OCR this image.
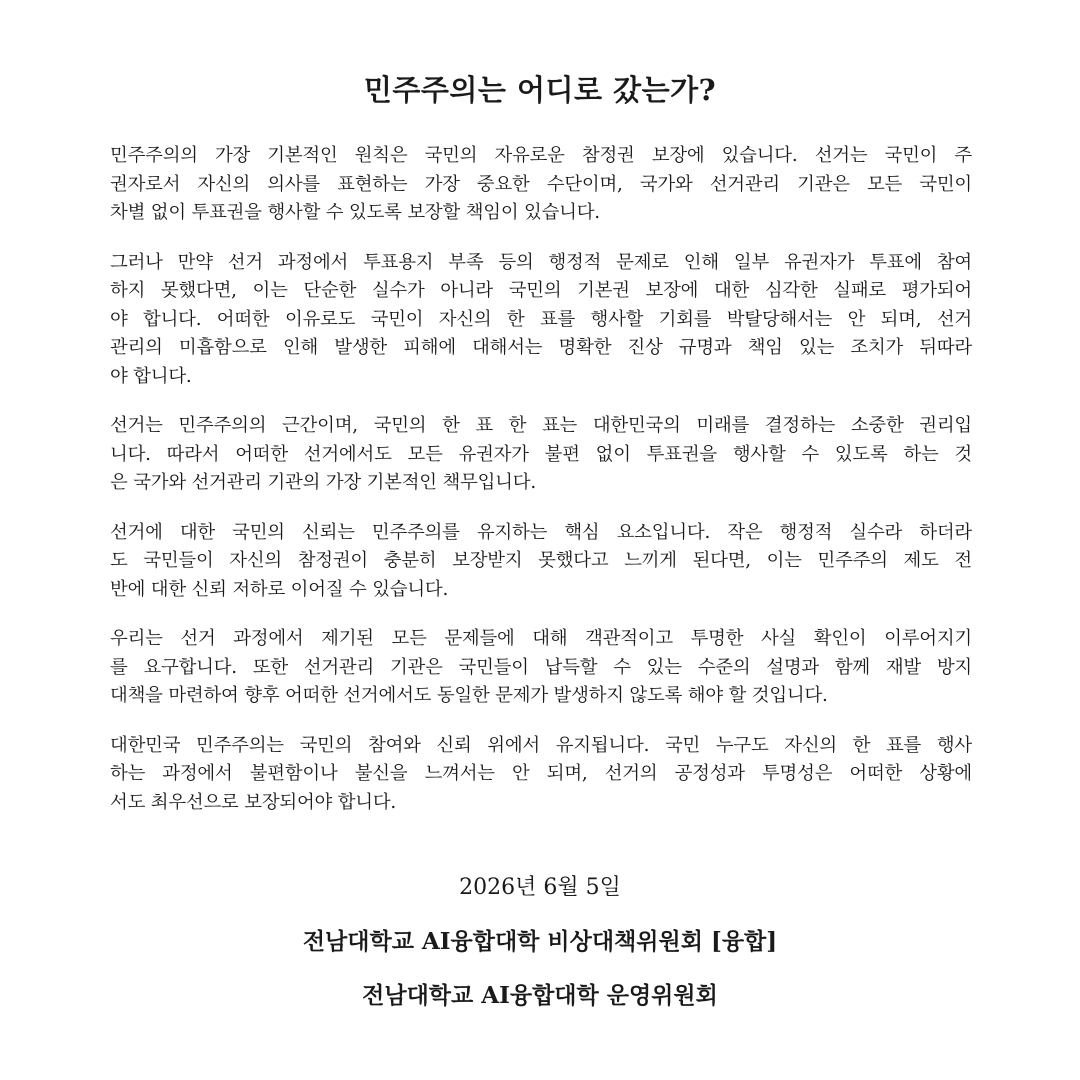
민주주의는 어디로 갔는가?

민주주의의 가장 기본적인 원칙은 국민의 자유로운 참정권 보장에 있습니다. 선거는 국민이 주
권자로서 자신의 의사를 표현하는 가장 중요한 수단이며, 국가와 선거관리 기관은 모든 국민이
차별 없이 투표권을 행사할 수 있도록 보장할 책임이 있습니다.

그러나 만약 선거 과정에서 투표용지 부족 등의 행정적 문제로 인해 일부 유권자가 투표에 참여
하지 못했다면, 이는 단순한 실수가 아니라 국민의 기본권 보장에 대한 심각한 실패로 평가되어
야 합니다. 어떠한 이유로도 국민이 자신의 한 표를 행사할 기회를 박탈당해서는 안 되며, 선거
관리의 미흡함으로 인해 발생한 피해에 대해서는 명확한 진상 규명과 책임 있는 조치가 뒤따라
야 합니다.

선거는 민주주의의 근간이며, 국민의 한 표 한 표는 대한민국의 미래를 결정하는 소중한 권리입
니다. 따라서 어떠한 선거에서도 모든 유권자가 불편 없이 투표권을 행사할 수 있도록 하는 것
은 국가와 선거관리 기관의 가장 기본적인 책무입니다.

선거에 대한 국민의 신뢰는 민주주의를 유지하는 핵심 요소입니다. 작은 행정적 실수라 하더라
도 국민들이 자신의 참정권이 충분히 보장받지 못했다고 느끼게 된다면, 이는 민주주의 제도 전
반에 대한 신뢰 저하로 이어질 수 있습니다.

우리는 선거 과정에서 제기된 모든 문제들에 대해 객관적이고 투명한 사실 확인이 이루어지기
를 요구합니다. 또한 선거관리 기관은 국민들이 납득할 수 있는 수준의 설명과 함께 재발 방지
대책을 마련하여 향후 어떠한 선거에서도 동일한 문제가 발생하지 않도록 해야 할 것입니다.

대한민국 민주주의는 국민의 참여와 신뢰 위에서 유지됩니다. 국민 누구도 자신의 한 표를 행사
하는 과정에서 불편함이나 불신을 느껴서는 안 되며, 선거의 공정성과 투명성은 어떠한 상황에
서도 최우선으로 보장되어야 합니다.

2026년 6월 5일
전남대학교 AI융합대학 비상대책위원회 [융합]
전남대학교 AI융합대학 운영위원회
